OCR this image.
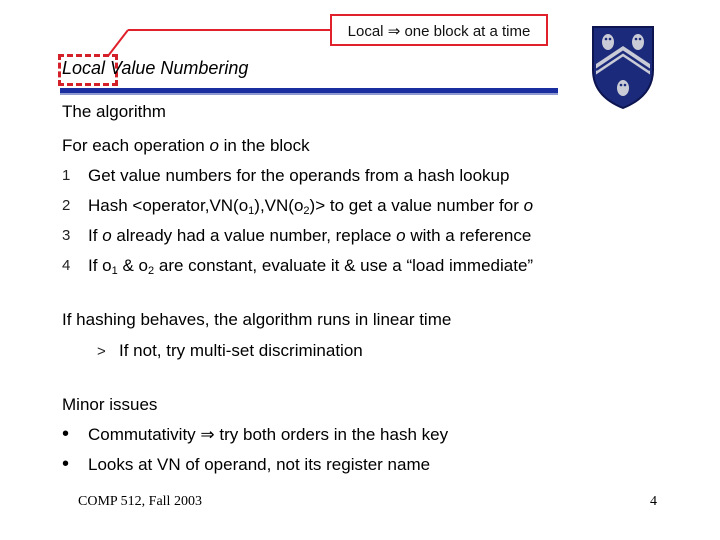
Local ⇒ one block at a time
Local Value Numbering
The algorithm
For each operation o in the block
1 Get value numbers for the operands from a hash lookup
2 Hash $<operator,VN(o_1),VN(o_2)>$ to get a value number for o
3 If o already had a value number, replace o with a reference
4 If $o_1$ & $o_2$ are constant, evaluate it & use a “load immediate”
If hashing behaves, the algorithm runs in linear time
> If not, try multi-set discrimination
Minor issues
• Commutativity ⇒ try both orders in the hash key
• Looks at VN of operand, not its register name
COMP 512, Fall 2003	4
